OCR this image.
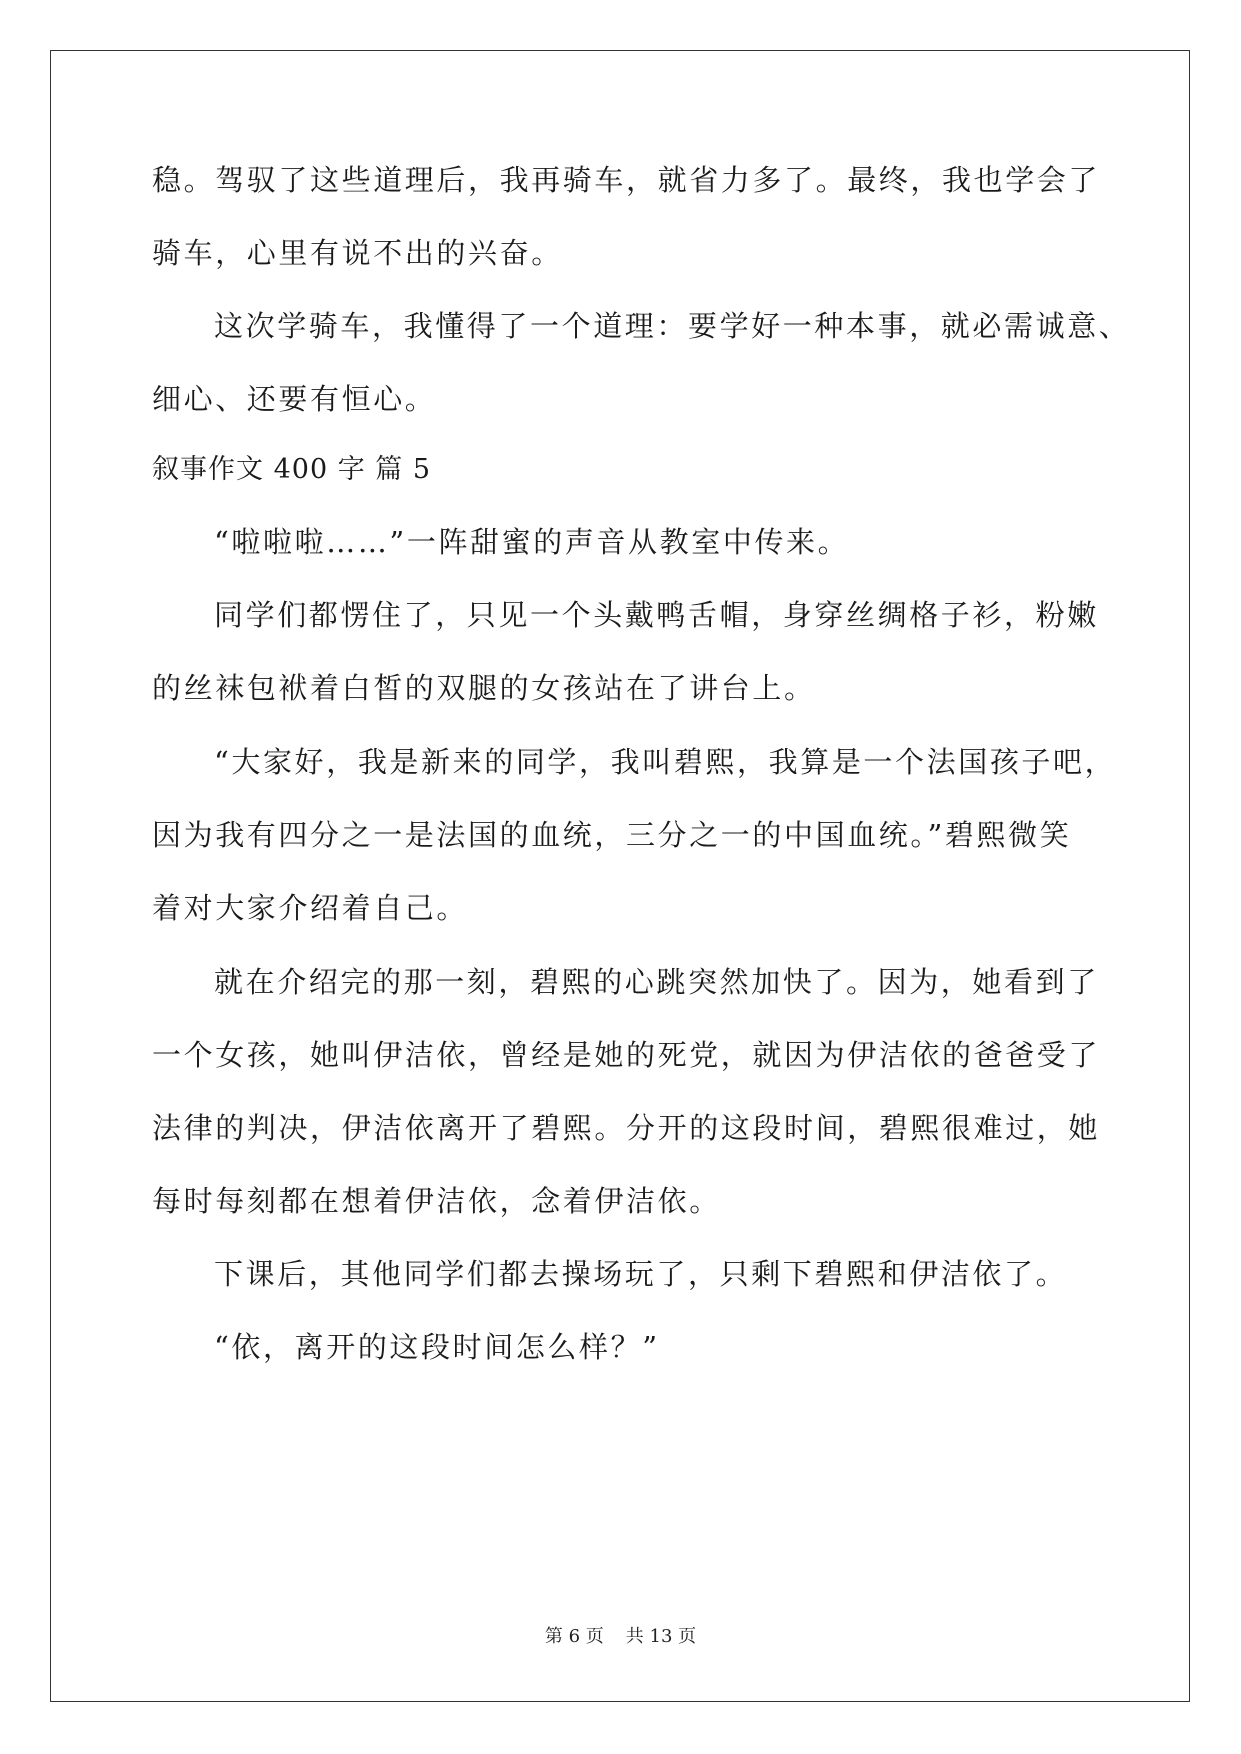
稳。驾驭了这些道理后，我再骑车，就省力多了。最终，我也学会了
骑车，心里有说不出的兴奋。
这次学骑车，我懂得了一个道理：要学好一种本事，就必需诚意、
细心、还要有恒心。
叙事作文 400 字 篇 5
“啦啦啦……”一阵甜蜜的声音从教室中传来。
同学们都愣住了，只见一个头戴鸭舌帽，身穿丝绸格子衫，粉嫩
的丝袜包袱着白皙的双腿的女孩站在了讲台上。
“大家好，我是新来的同学，我叫碧熙，我算是一个法国孩子吧，
因为我有四分之一是法国的血统，三分之一的中国血统。”碧熙微笑
着对大家介绍着自己。
就在介绍完的那一刻，碧熙的心跳突然加快了。因为，她看到了
一个女孩，她叫伊洁依，曾经是她的死党，就因为伊洁依的爸爸受了
法律的判决，伊洁依离开了碧熙。分开的这段时间，碧熙很难过，她
每时每刻都在想着伊洁依，念着伊洁依。
下课后，其他同学们都去操场玩了，只剩下碧熙和伊洁依了。
“依，离开的这段时间怎么样？”
第 6 页 共 13 页
